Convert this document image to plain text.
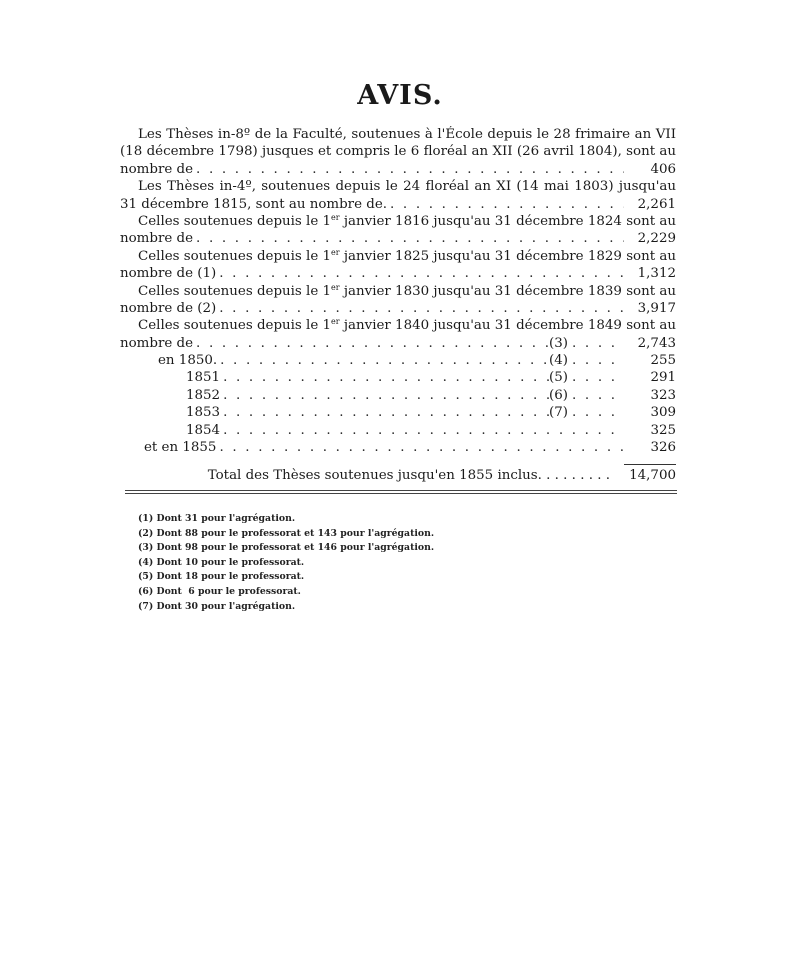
AVIS.
Les Thèses in-8º de la Faculté, soutenues à l'École depuis le 28 frimaire an VII
(18 décembre 1798) jusques et compris le 6 floréal an XII (26 avril 1804), sont au
nombre de . . .	406
Les Thèses in-4º, soutenues depuis le 24 floréal an XI (14 mai 1803) jusqu'au
31 décembre 1815, sont au nombre de. . . .	2,261
Celles soutenues depuis le 1er janvier 1816 jusqu'au 31 décembre 1824 sont au
nombre de . . .	2,229
Celles soutenues depuis le 1er janvier 1825 jusqu'au 31 décembre 1829 sont au
nombre de (1) . . .	1,312
Celles soutenues depuis le 1er janvier 1830 jusqu'au 31 décembre 1839 sont au
nombre de (2) . . .	3,917
Celles soutenues depuis le 1er janvier 1840 jusqu'au 31 décembre 1849 sont au
nombre de . . .	(3) . . .	2,743
en 1850. . . .	(4) . . .	255
1851 . . .	(5) . . .	291
1852 . . .	(6) . . .	323
1853 . . .	(7) . . .	309
1854 . . .	325
et en 1855 . . .	326
Total des Thèses soutenues jusqu'en 1855 inclus. . . . . . . . .	14,700
(1) Dont 31 pour l'agrégation.
(2) Dont 88 pour le professorat et 143 pour l'agrégation.
(3) Dont 98 pour le professorat et 146 pour l'agrégation.
(4) Dont 10 pour le professorat.
(5) Dont 18 pour le professorat.
(6) Dont  6 pour le professorat.
(7) Dont 30 pour l'agrégation.
